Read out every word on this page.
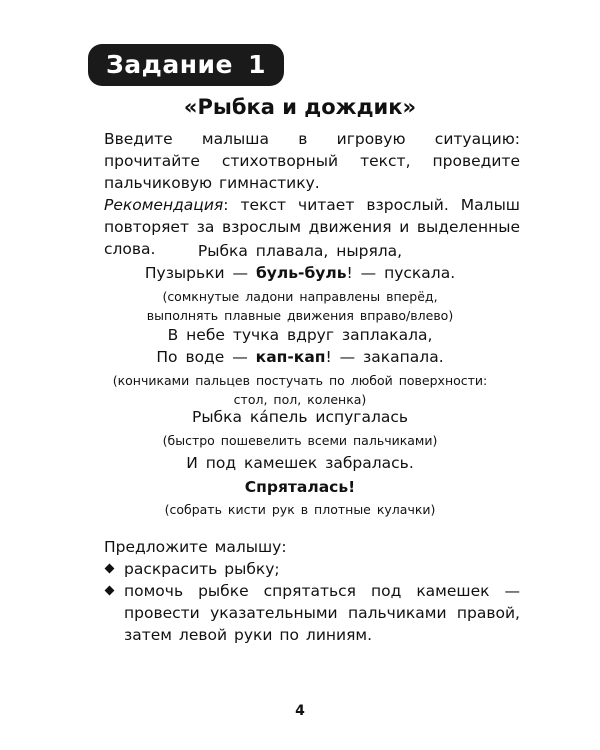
Задание 1
«Рыбка и дождик»
Введите малыша в игровую ситуацию: прочитайте стихотворный текст, проведите пальчиковую гимнастику.
Рекомендация: текст читает взрослый. Малыш повторяет за взрослым движения и выделенные слова.	Рыбка плавала, ныряла,
Пузырьки — буль-буль! — пускала.
(сомкнутые ладони направлены вперёд,
выполнять плавные движения вправо/влево)
В небе тучка вдруг заплакала,
По воде — кап-кап! — закапала.
(кончиками пальцев постучать по любой поверхности:
стол, пол, коленка)
Рыбка ка́пель испугалась
(быстро пошевелить всеми пальчиками)
И под камешек забралась.
Спряталась!
(собрать кисти рук в плотные кулачки)
Предложите малышу:
раскрасить рыбку;
помочь рыбке спрятаться под камешек — провести указательными пальчиками правой, затем левой руки по линиям.
4
